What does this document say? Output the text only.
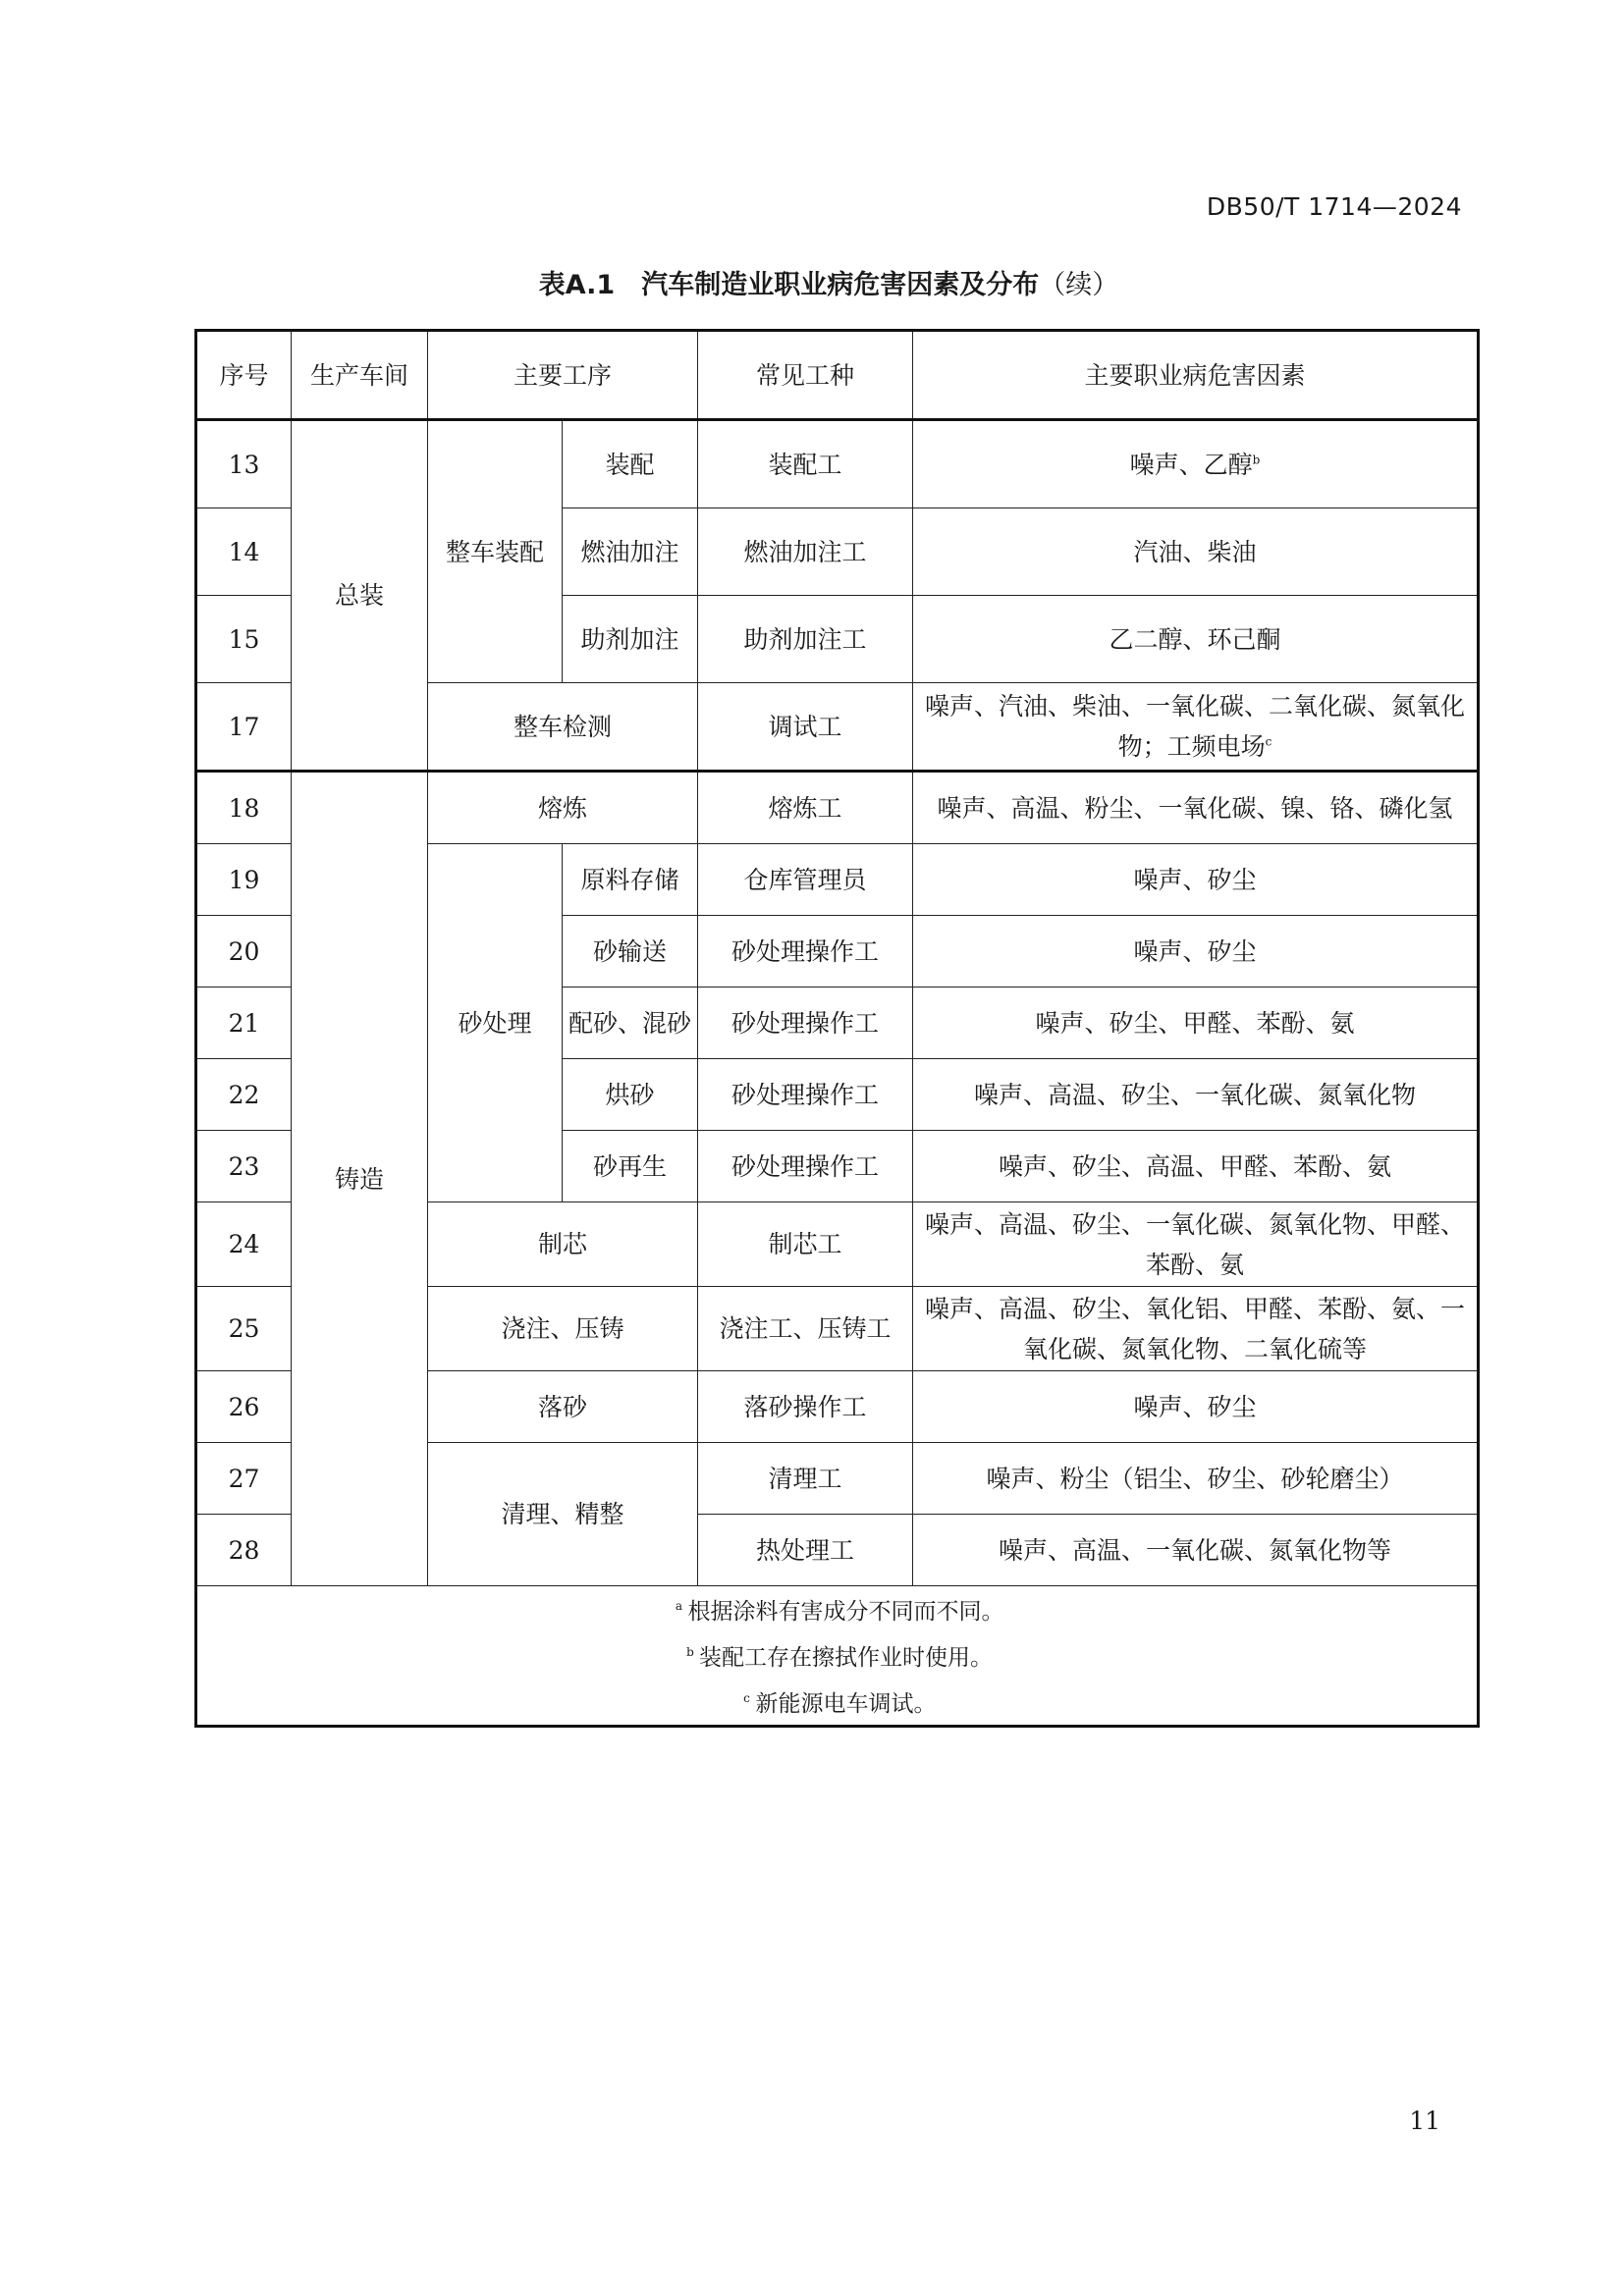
DB50/T 1714—2024
表A.1　汽车制造业职业病危害因素及分布（续）
序号	生产车间	主要工序		常见工种	主要职业病危害因素
13	总装	整车装配	装配	装配工	噪声、乙醇$^b$
14			燃油加注	燃油加注工	汽油、柴油
15			助剂加注	助剂加注工	乙二醇、环己酮
17		整车检测		调试工	噪声、汽油、柴油、一氧化碳、二氧化碳、氮氧化物；工频电场$^c$
18	铸造	熔炼		熔炼工	噪声、高温、粉尘、一氧化碳、镍、铬、磷化氢
19		砂处理	原料存储	仓库管理员	噪声、矽尘
20			砂输送	砂处理操作工	噪声、矽尘
21			配砂、混砂	砂处理操作工	噪声、矽尘、甲醛、苯酚、氨
22			烘砂	砂处理操作工	噪声、高温、矽尘、一氧化碳、氮氧化物
23			砂再生	砂处理操作工	噪声、矽尘、高温、甲醛、苯酚、氨
24		制芯		制芯工	噪声、高温、矽尘、一氧化碳、氮氧化物、甲醛、苯酚、氨
25		浇注、压铸		浇注工、压铸工	噪声、高温、矽尘、氧化铝、甲醛、苯酚、氨、一氧化碳、氮氧化物、二氧化硫等
26		落砂		落砂操作工	噪声、矽尘
27		清理、精整		清理工	噪声、粉尘（铝尘、矽尘、砂轮磨尘）
28				热处理工	噪声、高温、一氧化碳、氮氧化物等

a 根据涂料有害成分不同而不同。
b 装配工存在擦拭作业时使用。
c 新能源电车调试。					
11
